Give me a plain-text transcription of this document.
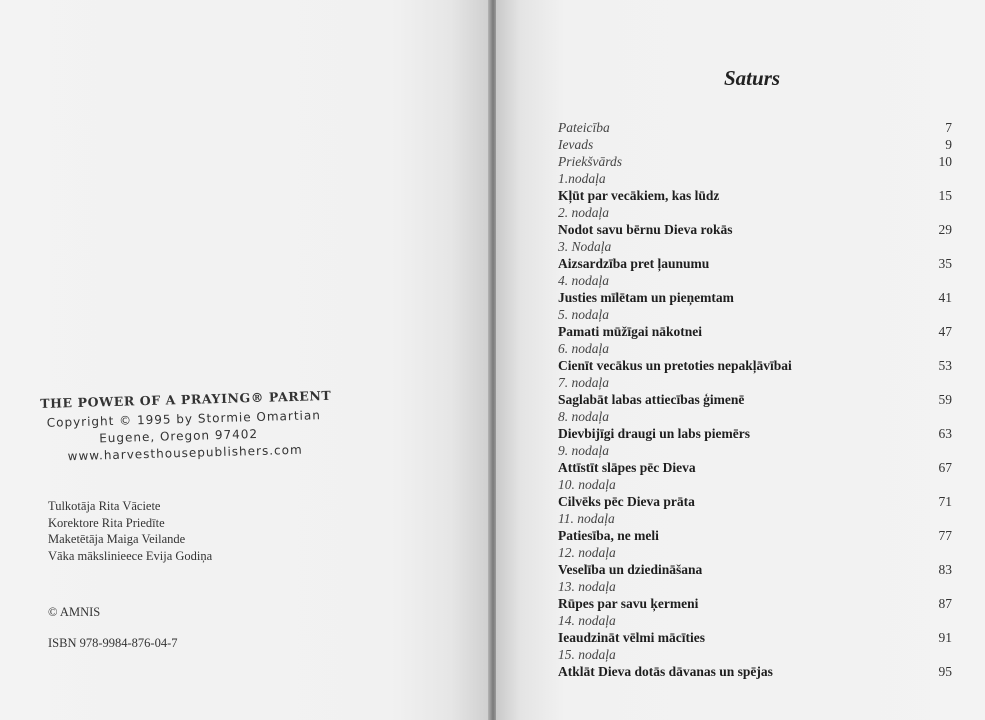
THE POWER OF A PRAYING® PARENT
Copyright © 1995 by Stormie Omartian
Eugene, Oregon 97402
www.harvesthousepublishers.com
Tulkotāja Rita Vāciete
Korektore Rita Priedīte
Maketētāja Maiga Veilande
Vāka mākslinieece Evija Godiņa
© AMNIS
ISBN 978-9984-876-04-7
Saturs
Pateicība	7
Ievads	9
Priekšvārds	10
1.nodaļa
Kļūt par vecākiem, kas lūdz	15
2. nodaļa
Nodot savu bērnu Dieva rokās	29
3. Nodaļa
Aizsardzība pret ļaunumu	35
4. nodaļa
Justies mīlētam un pieņemtam	41
5. nodaļa
Pamati mūžīgai nākotnei	47
6. nodaļa
Cienīt vecākus un pretoties nepakļāvībai	53
7. nodaļa
Saglabāt labas attiecības ģimenē	59
8. nodaļa
Dievbijīgi draugi un labs piemērs	63
9. nodaļa
Attīstīt slāpes pēc Dieva	67
10. nodaļa
Cilvēks pēc Dieva prāta	71
11. nodaļa
Patiesība, ne meli	77
12. nodaļa
Veselība un dziedināšana	83
13. nodaļa
Rūpes par savu ķermeni	87
14. nodaļa
Ieaudzināt vēlmi mācīties	91
15. nodaļa
Atklāt Dieva dotās dāvanas un spējas	95
